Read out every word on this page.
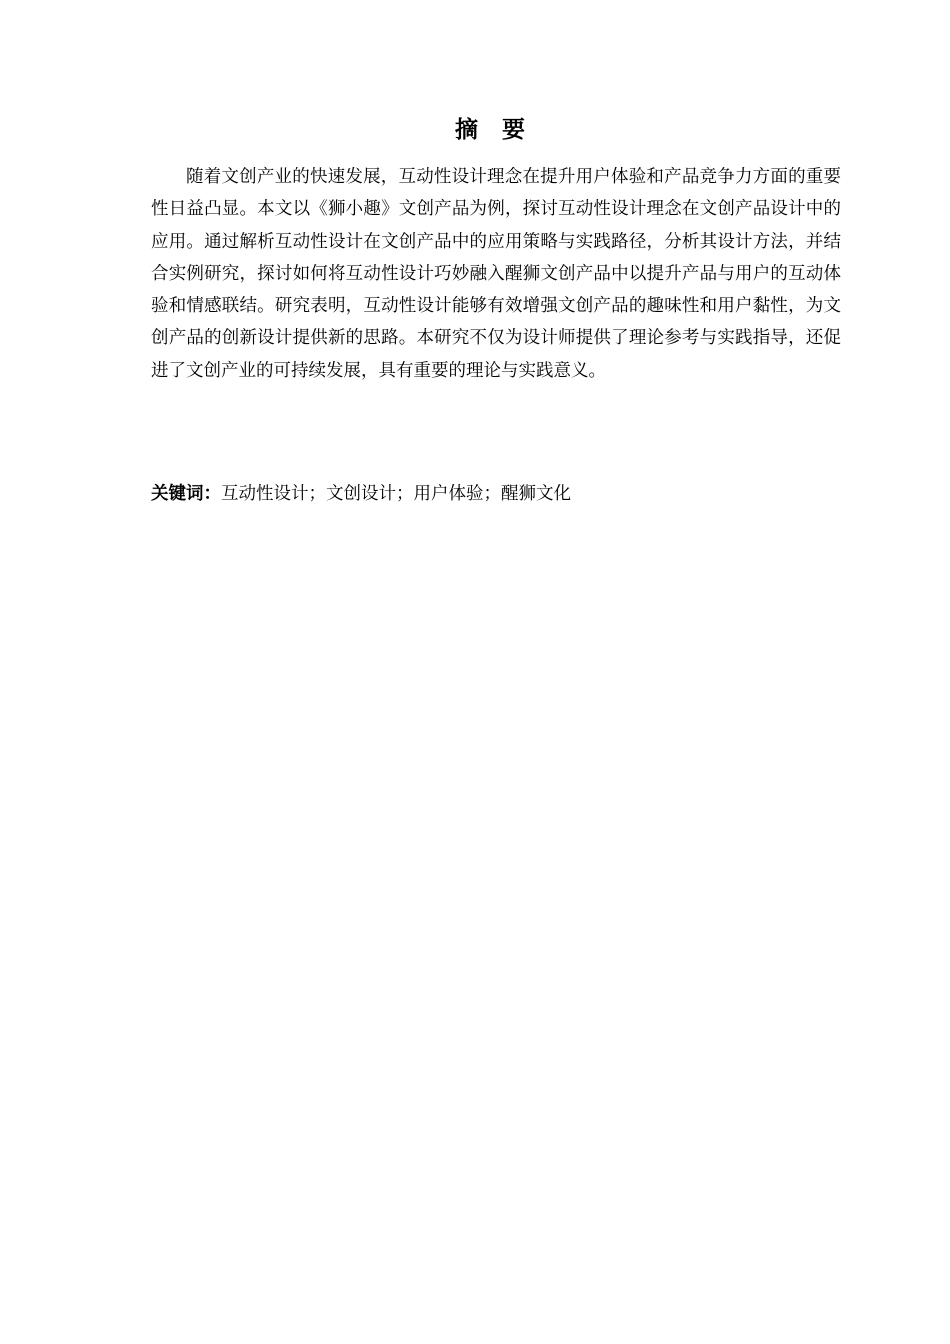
摘 要

随着文创产业的快速发展，互动性设计理念在提升用户体验和产品竞争力方面的重要性日益凸显。本文以《狮小趣》文创产品为例，探讨互动性设计理念在文创产品设计中的应用。通过解析互动性设计在文创产品中的应用策略与实践路径，分析其设计方法，并结合实例研究，探讨如何将互动性设计巧妙融入醒狮文创产品中以提升产品与用户的互动体验和情感联结。研究表明，互动性设计能够有效增强文创产品的趣味性和用户黏性，为文创产品的创新设计提供新的思路。本研究不仅为设计师提供了理论参考与实践指导，还促进了文创产业的可持续发展，具有重要的理论与实践意义。

关键词：互动性设计；文创设计；用户体验；醒狮文化
